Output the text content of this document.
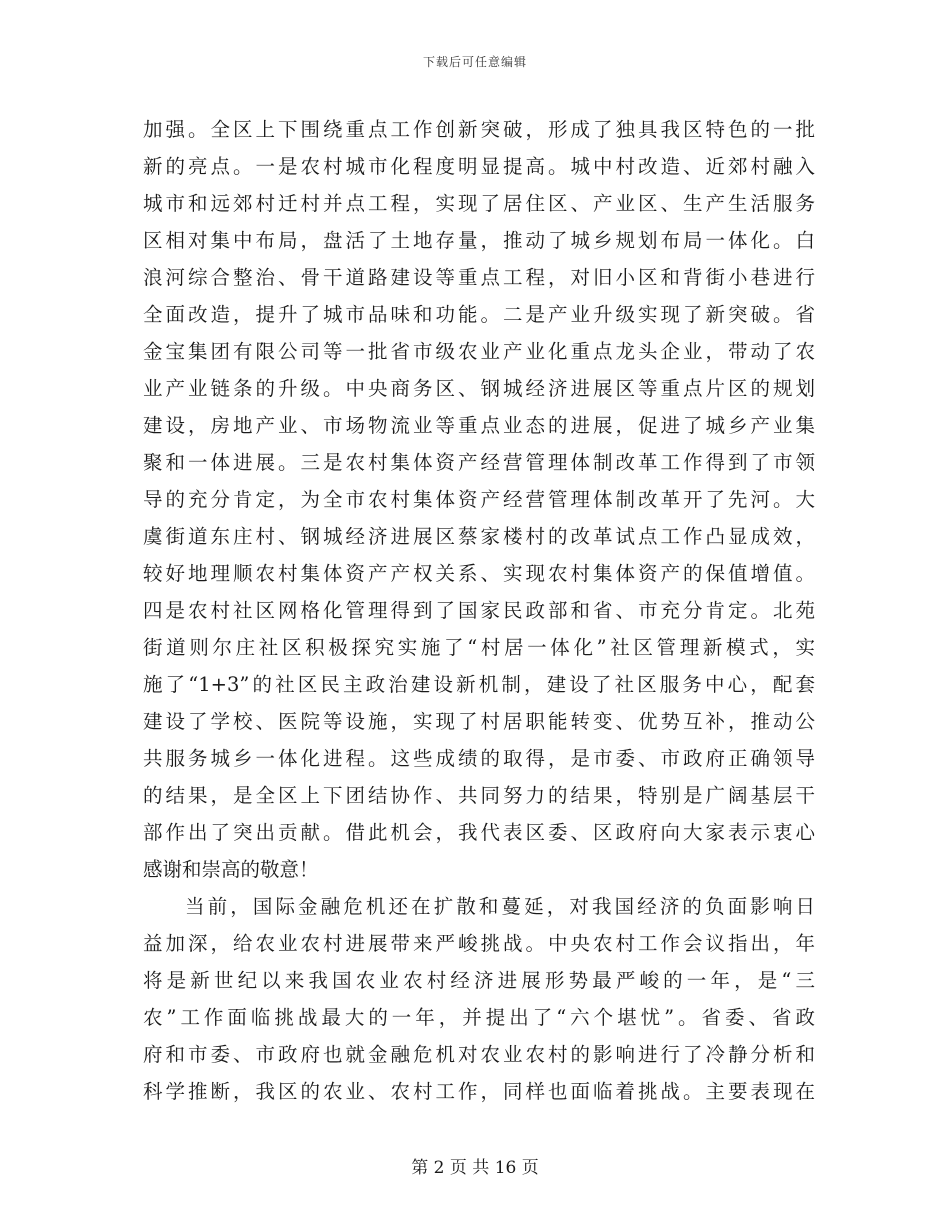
下载后可任意编辑
加强。全区上下围绕重点工作创新突破，形成了独具我区特色的一批
新的亮点。一是农村城市化程度明显提高。城中村改造、近郊村融入
城市和远郊村迁村并点工程，实现了居住区、产业区、生产生活服务
区相对集中布局，盘活了土地存量，推动了城乡规划布局一体化。白
浪河综合整治、骨干道路建设等重点工程，对旧小区和背街小巷进行
全面改造，提升了城市品味和功能。二是产业升级实现了新突破。省
金宝集团有限公司等一批省市级农业产业化重点龙头企业，带动了农
业产业链条的升级。中央商务区、钢城经济进展区等重点片区的规划
建设，房地产业、市场物流业等重点业态的进展，促进了城乡产业集
聚和一体进展。三是农村集体资产经营管理体制改革工作得到了市领
导的充分肯定，为全市农村集体资产经营管理体制改革开了先河。大
虞街道东庄村、钢城经济进展区蔡家楼村的改革试点工作凸显成效，
较好地理顺农村集体资产产权关系、实现农村集体资产的保值增值。
四是农村社区网格化管理得到了国家民政部和省、市充分肯定。北苑
街道则尔庄社区积极探究实施了“村居一体化”社区管理新模式，实
施了“1+3”的社区民主政治建设新机制，建设了社区服务中心，配套
建设了学校、医院等设施，实现了村居职能转变、优势互补，推动公
共服务城乡一体化进程。这些成绩的取得，是市委、市政府正确领导
的结果，是全区上下团结协作、共同努力的结果，特别是广阔基层干
部作出了突出贡献。借此机会，我代表区委、区政府向大家表示衷心
感谢和崇高的敬意！
当前，国际金融危机还在扩散和蔓延，对我国经济的负面影响日
益加深，给农业农村进展带来严峻挑战。中央农村工作会议指出，年
将是新世纪以来我国农业农村经济进展形势最严峻的一年，是“三
农”工作面临挑战最大的一年，并提出了“六个堪忧”。省委、省政
府和市委、市政府也就金融危机对农业农村的影响进行了冷静分析和
科学推断，我区的农业、农村工作，同样也面临着挑战。主要表现在
第 2 页 共 16 页
